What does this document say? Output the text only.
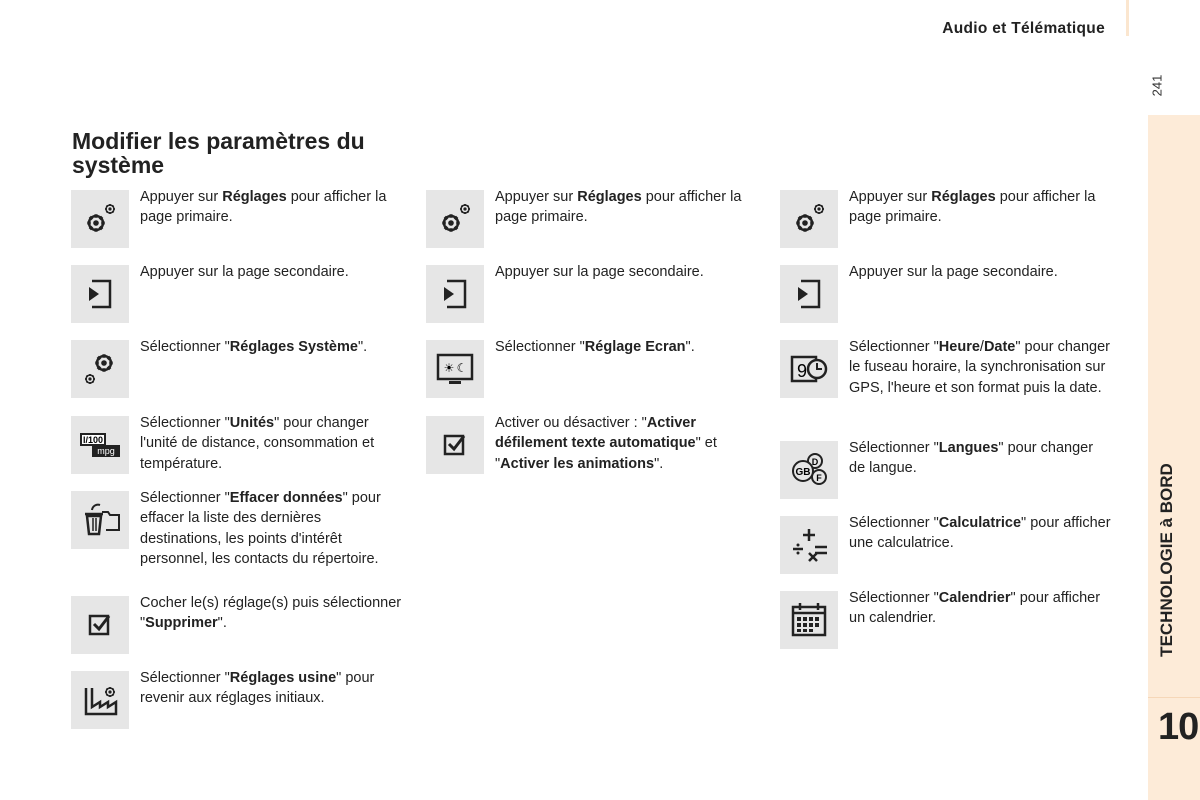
Audio et Télématique
241
TECHNOLOGIE à BORD
10
Modifier les paramètres du système
Appuyer sur Réglages pour afficher la page primaire.
Appuyer sur la page secondaire.
Sélectionner "Réglages Système".
l/100
mpg
Sélectionner "Unités" pour changer l'unité de distance, consommation et température.
Sélectionner "Effacer données" pour effacer la liste des dernières destinations, les points d'intérêt personnel, les contacts du répertoire.
Cocher le(s) réglage(s) puis sélectionner "Supprimer".
Sélectionner "Réglages usine" pour revenir aux réglages initiaux.
Appuyer sur Réglages pour afficher la page primaire.
Appuyer sur la page secondaire.
☀ ☾
Sélectionner "Réglage Ecran".
Activer ou désactiver : "Activer défilement texte automatique" et "Activer les animations".
Appuyer sur Réglages pour afficher la page primaire.
Appuyer sur la page secondaire.
9
Sélectionner "Heure/Date" pour changer le fuseau horaire, la synchronisation sur GPS, l'heure et son format puis la date.
D
F
GB
Sélectionner "Langues" pour changer de langue.
Sélectionner "Calculatrice" pour afficher une calculatrice.
Sélectionner "Calendrier" pour afficher un calendrier.
